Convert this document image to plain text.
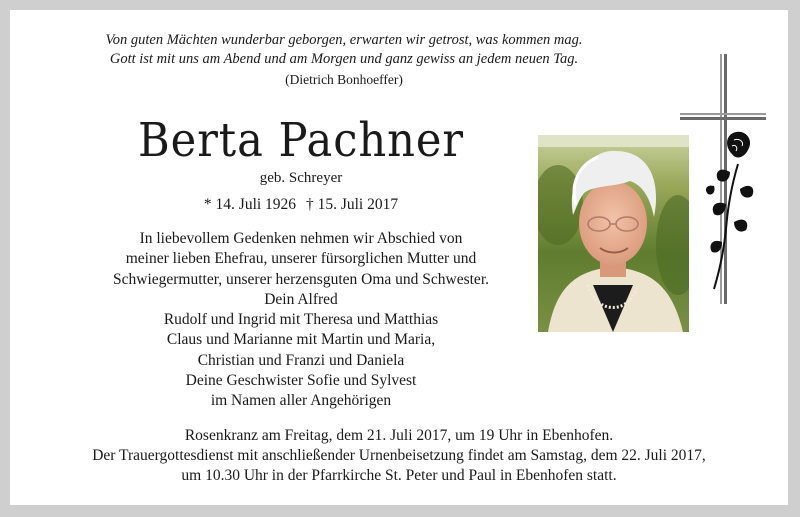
Von guten Mächten wunderbar geborgen, erwarten wir getrost, was kommen mag.
Gott ist mit uns am Abend und am Morgen und ganz gewiss an jedem neuen Tag.
(Dietrich Bonhoeffer)
Berta Pachner
geb. Schreyer
* 14. Juli 1926 † 15. Juli 2017
In liebevollem Gedenken nehmen wir Abschied von
meiner lieben Ehefrau, unserer fürsorglichen Mutter und
Schwiegermutter, unserer herzensguten Oma und Schwester.
Dein Alfred
Rudolf und Ingrid mit Theresa und Matthias
Claus und Marianne mit Martin und Maria,
Christian und Franzi und Daniela
Deine Geschwister Sofie und Sylvest
im Namen aller Angehörigen
Rosenkranz am Freitag, dem 21. Juli 2017, um 19 Uhr in Ebenhofen.
Der Trauergottesdienst mit anschließender Urnenbeisetzung findet am Samstag, dem 22. Juli 2017,
um 10.30 Uhr in der Pfarrkirche St. Peter und Paul in Ebenhofen statt.
